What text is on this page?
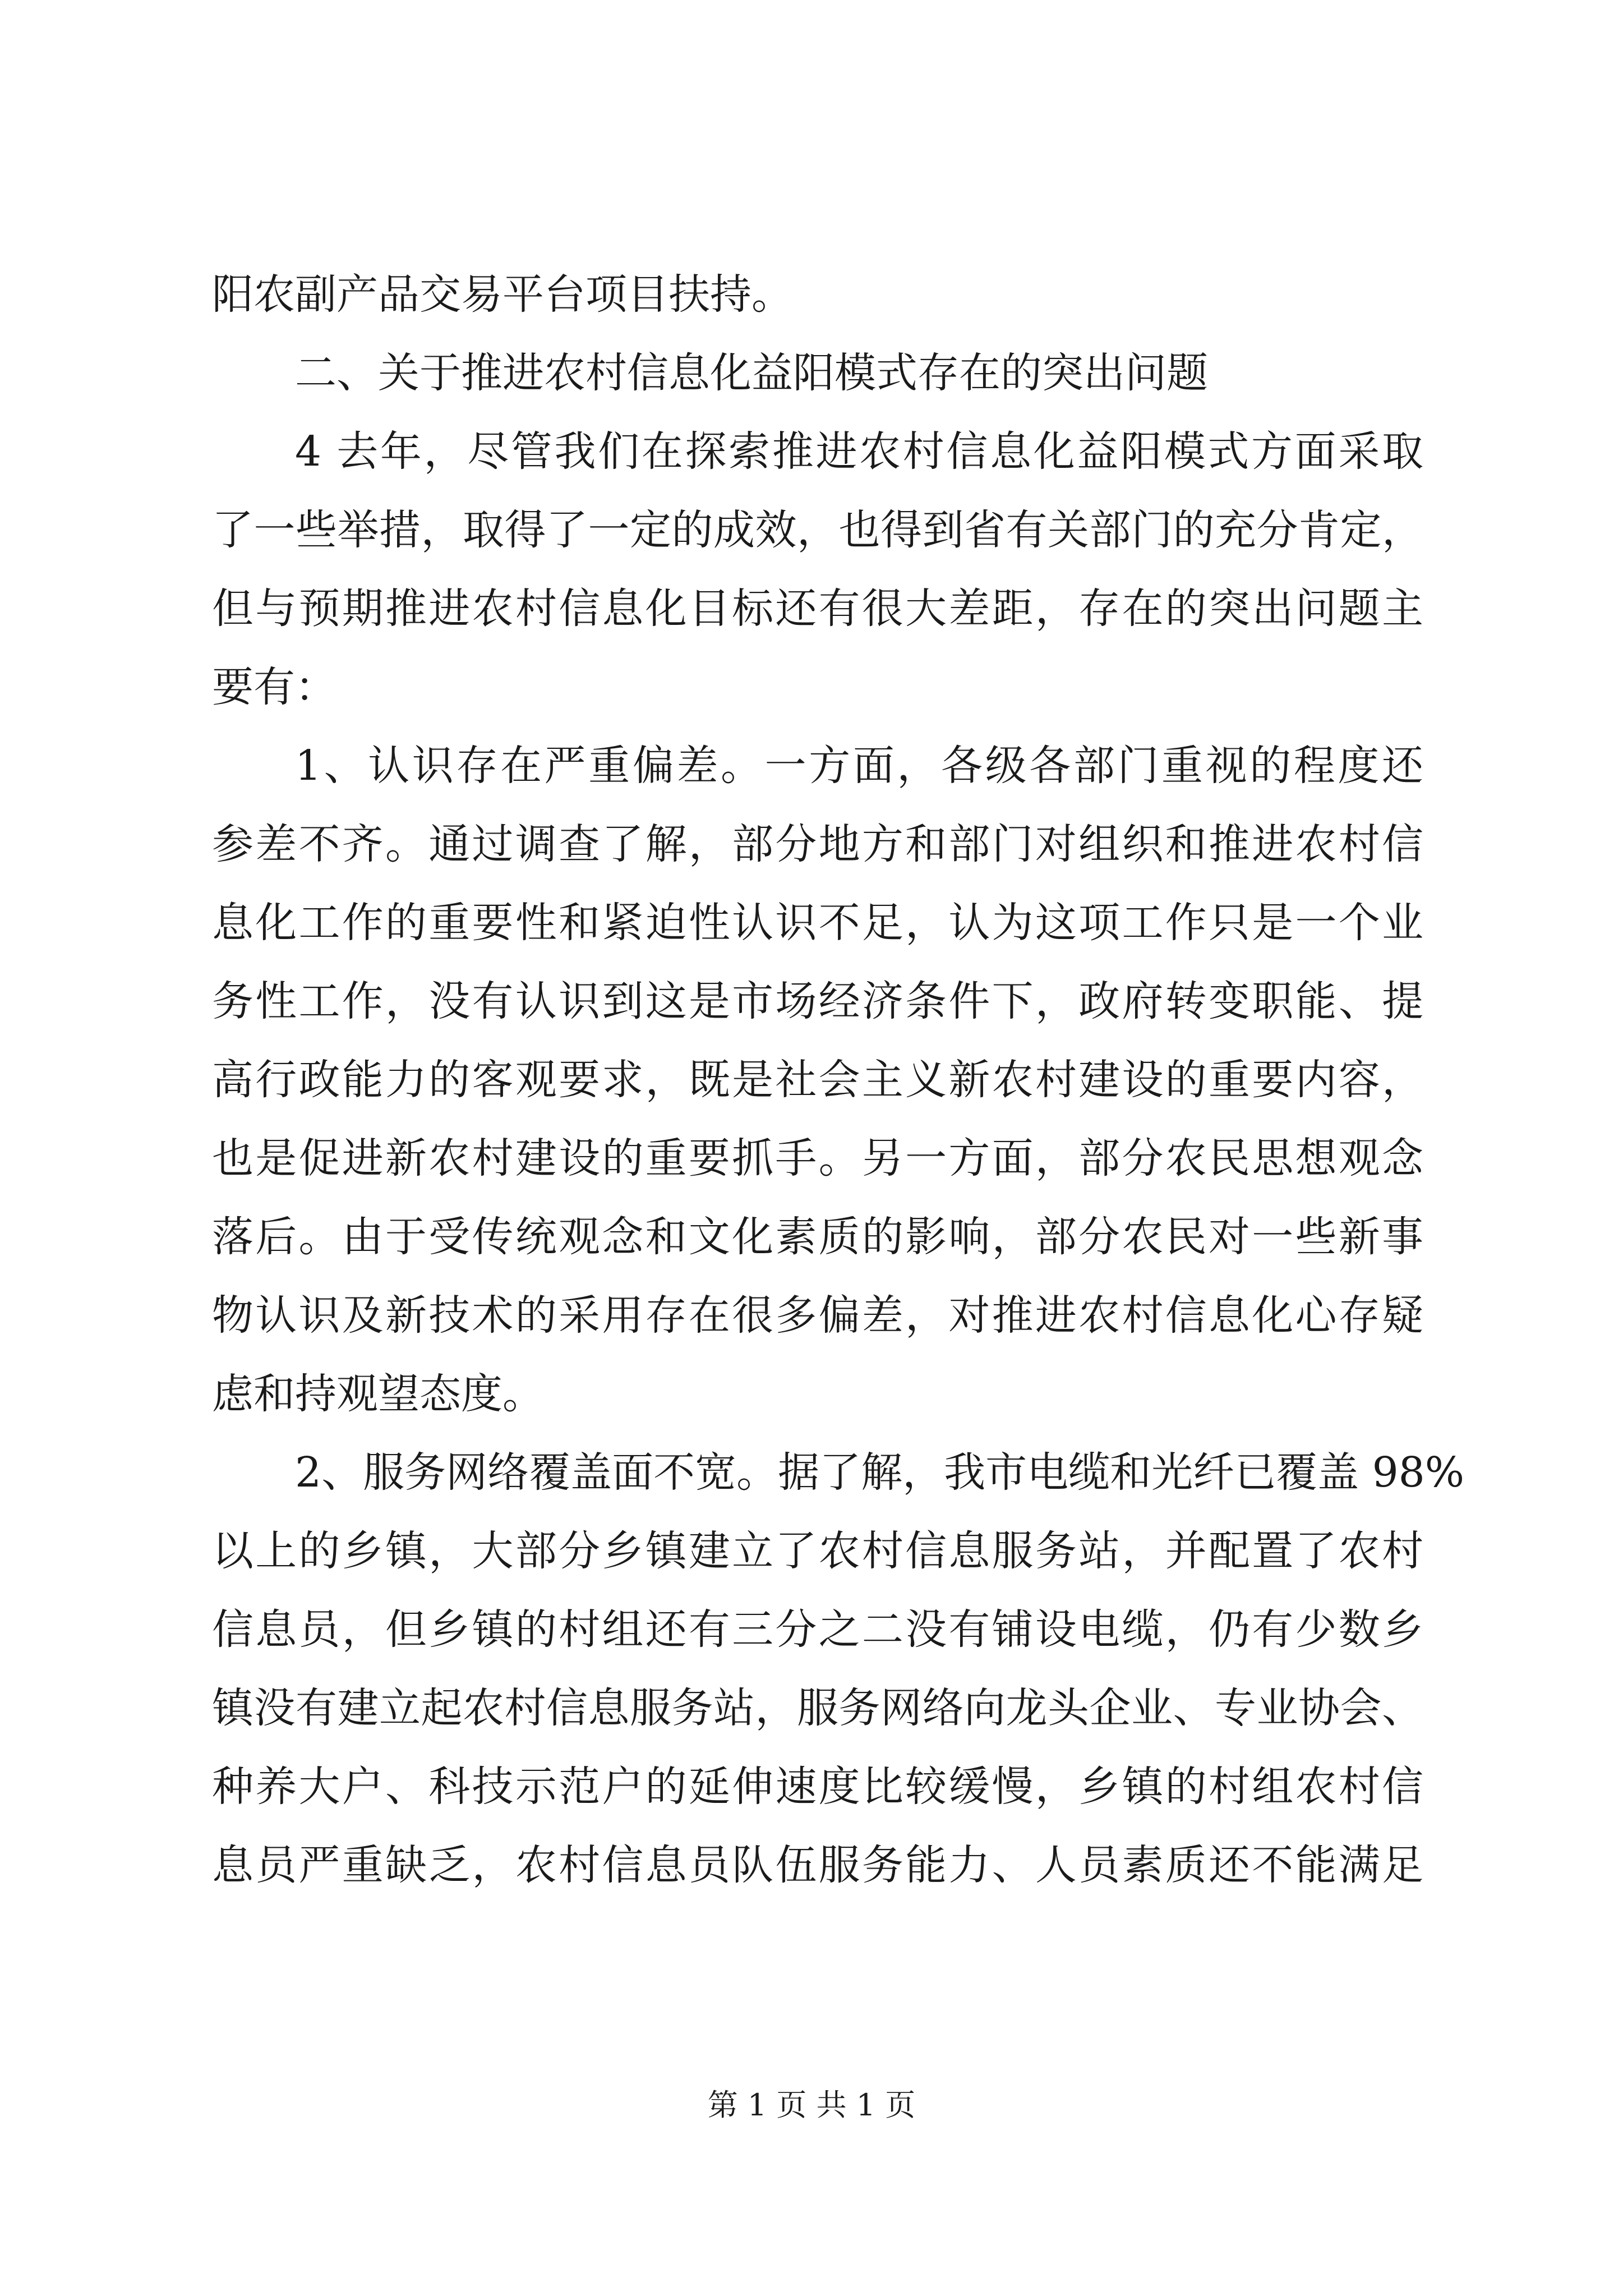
阳农副产品交易平台项目扶持。
二、关于推进农村信息化益阳模式存在的突出问题
4 去年，尽管我们在探索推进农村信息化益阳模式方面采取
了一些举措，取得了一定的成效，也得到省有关部门的充分肯定，
但与预期推进农村信息化目标还有很大差距，存在的突出问题主
要有：
1、认识存在严重偏差。一方面，各级各部门重视的程度还
参差不齐。通过调查了解，部分地方和部门对组织和推进农村信
息化工作的重要性和紧迫性认识不足，认为这项工作只是一个业
务性工作，没有认识到这是市场经济条件下，政府转变职能、提
高行政能力的客观要求，既是社会主义新农村建设的重要内容，
也是促进新农村建设的重要抓手。另一方面，部分农民思想观念
落后。由于受传统观念和文化素质的影响，部分农民对一些新事
物认识及新技术的采用存在很多偏差，对推进农村信息化心存疑
虑和持观望态度。
2、服务网络覆盖面不宽。据了解，我市电缆和光纤已覆盖 98%
以上的乡镇，大部分乡镇建立了农村信息服务站，并配置了农村
信息员，但乡镇的村组还有三分之二没有铺设电缆，仍有少数乡
镇没有建立起农村信息服务站，服务网络向龙头企业、专业协会、
种养大户、科技示范户的延伸速度比较缓慢，乡镇的村组农村信
息员严重缺乏，农村信息员队伍服务能力、人员素质还不能满足
第 1 页 共 1 页
